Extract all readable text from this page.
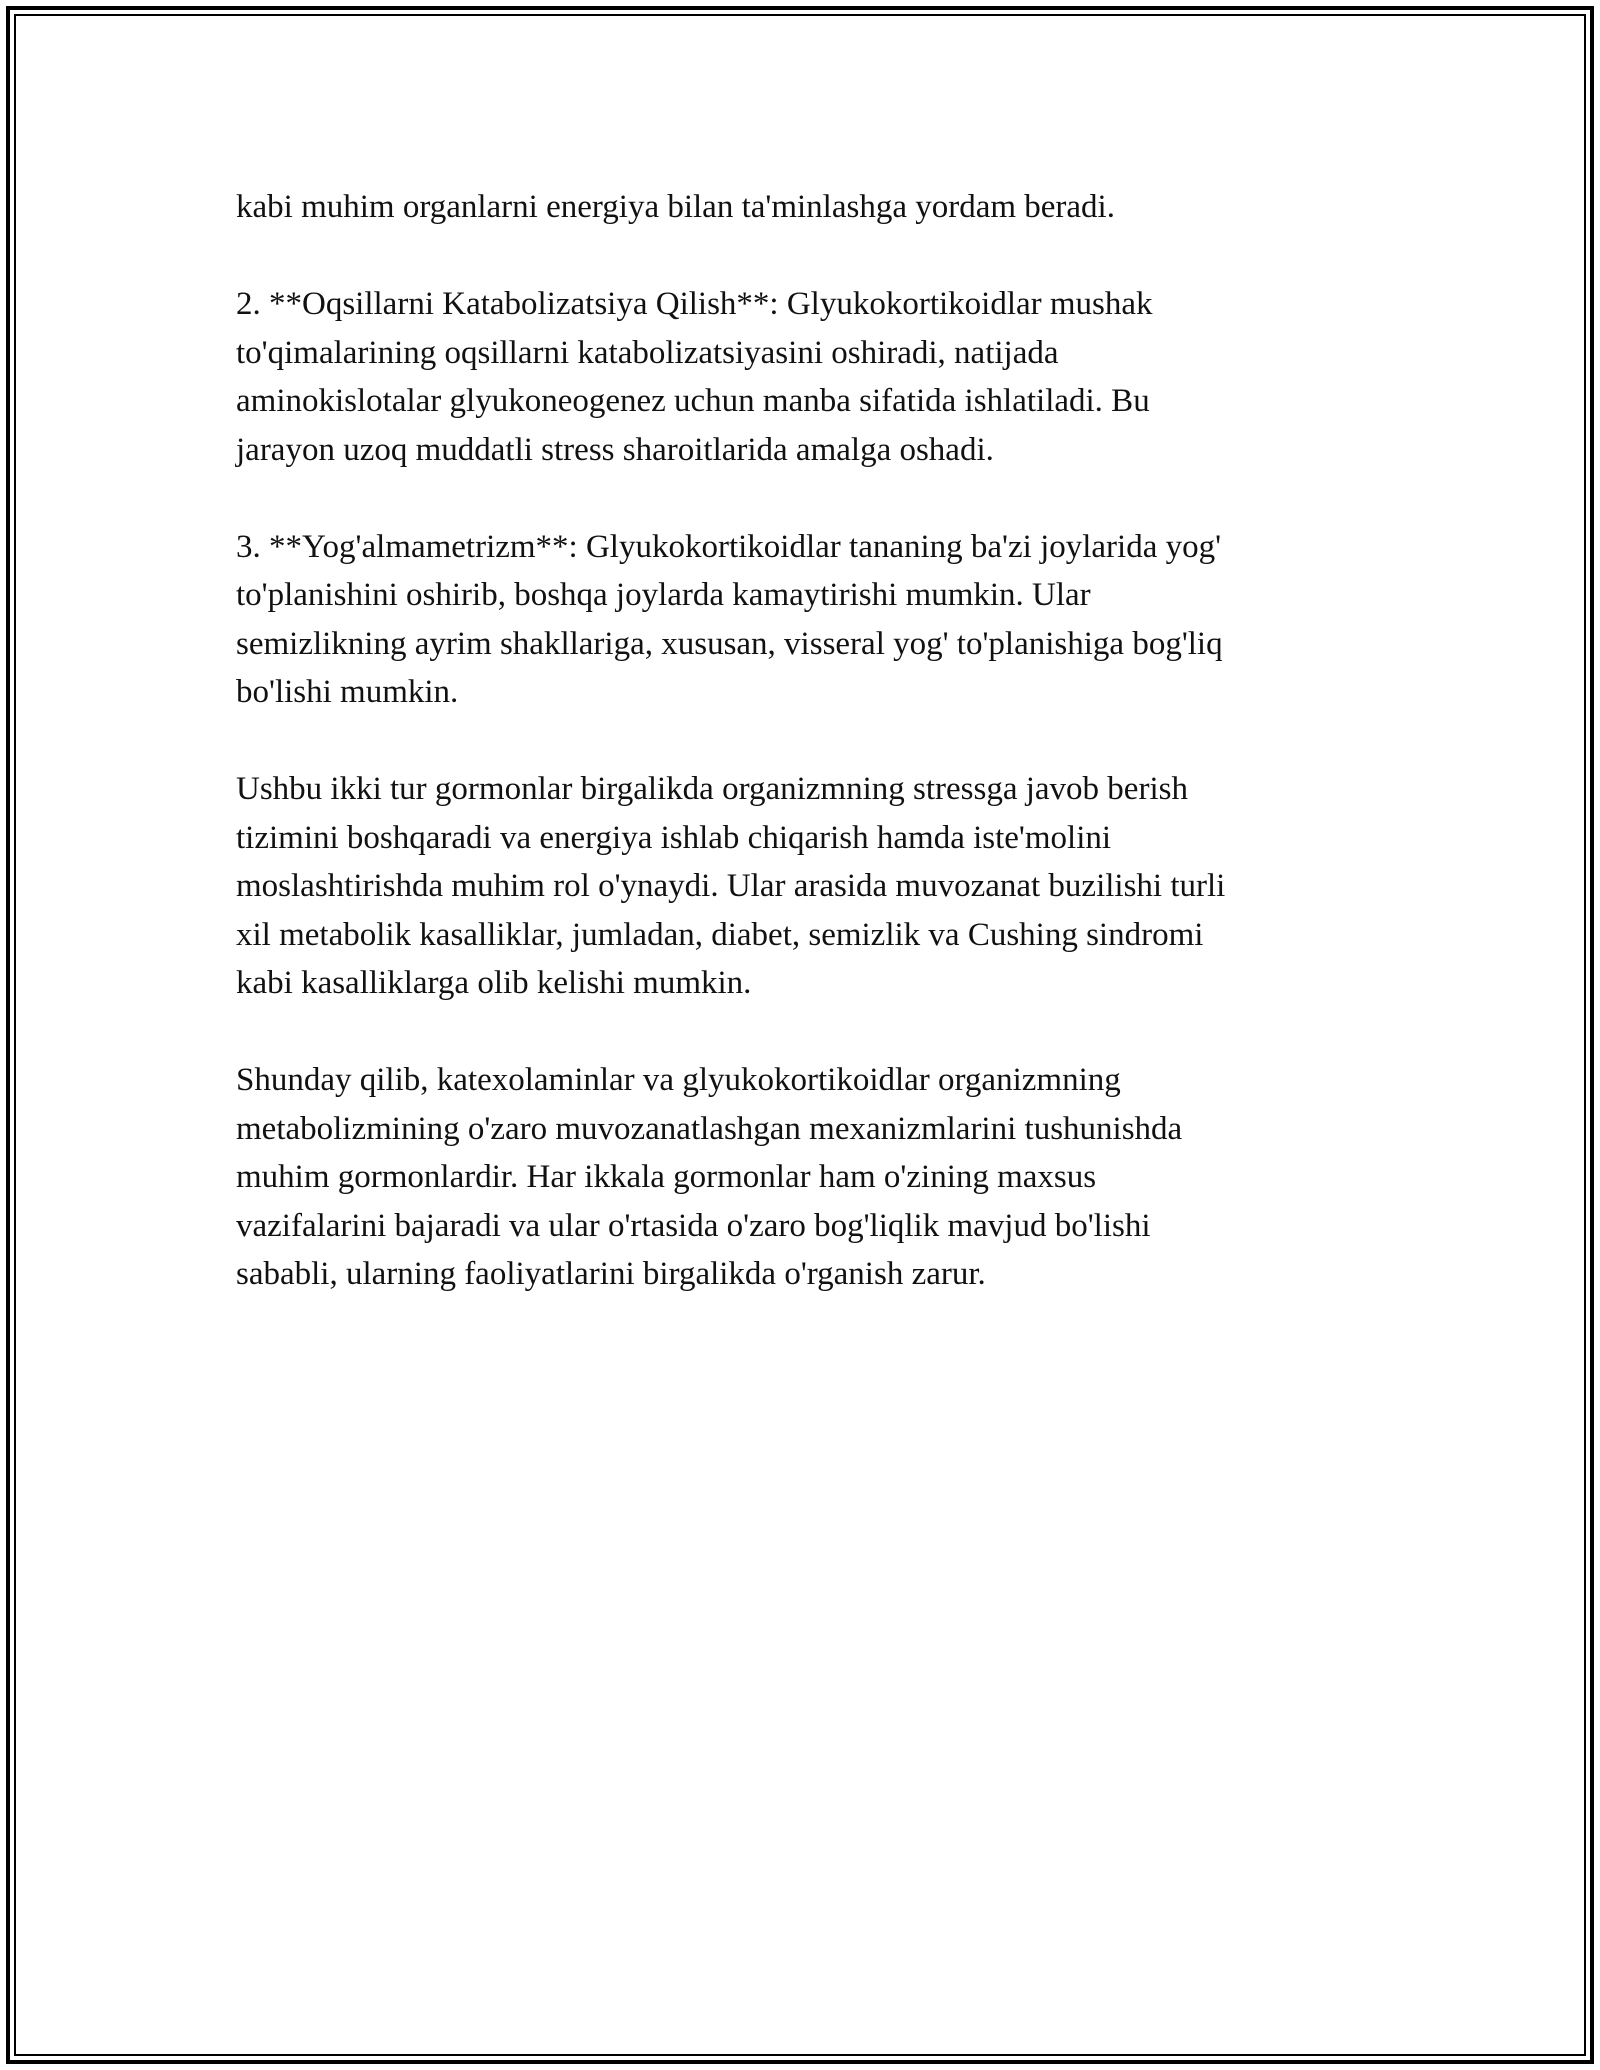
kabi muhim organlarni energiya bilan ta'minlashga yordam beradi.

2. **Oqsillarni Katabolizatsiya Qilish**: Glyukokortikoidlar mushak
to'qimalarining oqsillarni katabolizatsiyasini oshiradi, natijada
aminokislotalar glyukoneogenez uchun manba sifatida ishlatiladi. Bu
jarayon uzoq muddatli stress sharoitlarida amalga oshadi.

3. **Yog'almametrizm**: Glyukokortikoidlar tananing ba'zi joylarida yog'
to'planishini oshirib, boshqa joylarda kamaytirishi mumkin. Ular
semizlikning ayrim shakllariga, xususan, visseral yog' to'planishiga bog'liq
bo'lishi mumkin.

Ushbu ikki tur gormonlar birgalikda organizmning stressga javob berish
tizimini boshqaradi va energiya ishlab chiqarish hamda iste'molini
moslashtirishda muhim rol o'ynaydi. Ular arasida muvozanat buzilishi turli
xil metabolik kasalliklar, jumladan, diabet, semizlik va Cushing sindromi
kabi kasalliklarga olib kelishi mumkin.

Shunday qilib, katexolaminlar va glyukokortikoidlar organizmning
metabolizmining o'zaro muvozanatlashgan mexanizmlarini tushunishda
muhim gormonlardir. Har ikkala gormonlar ham o'zining maxsus
vazifalarini bajaradi va ular o'rtasida o'zaro bog'liqlik mavjud bo'lishi
sababli, ularning faoliyatlarini birgalikda o'rganish zarur.
